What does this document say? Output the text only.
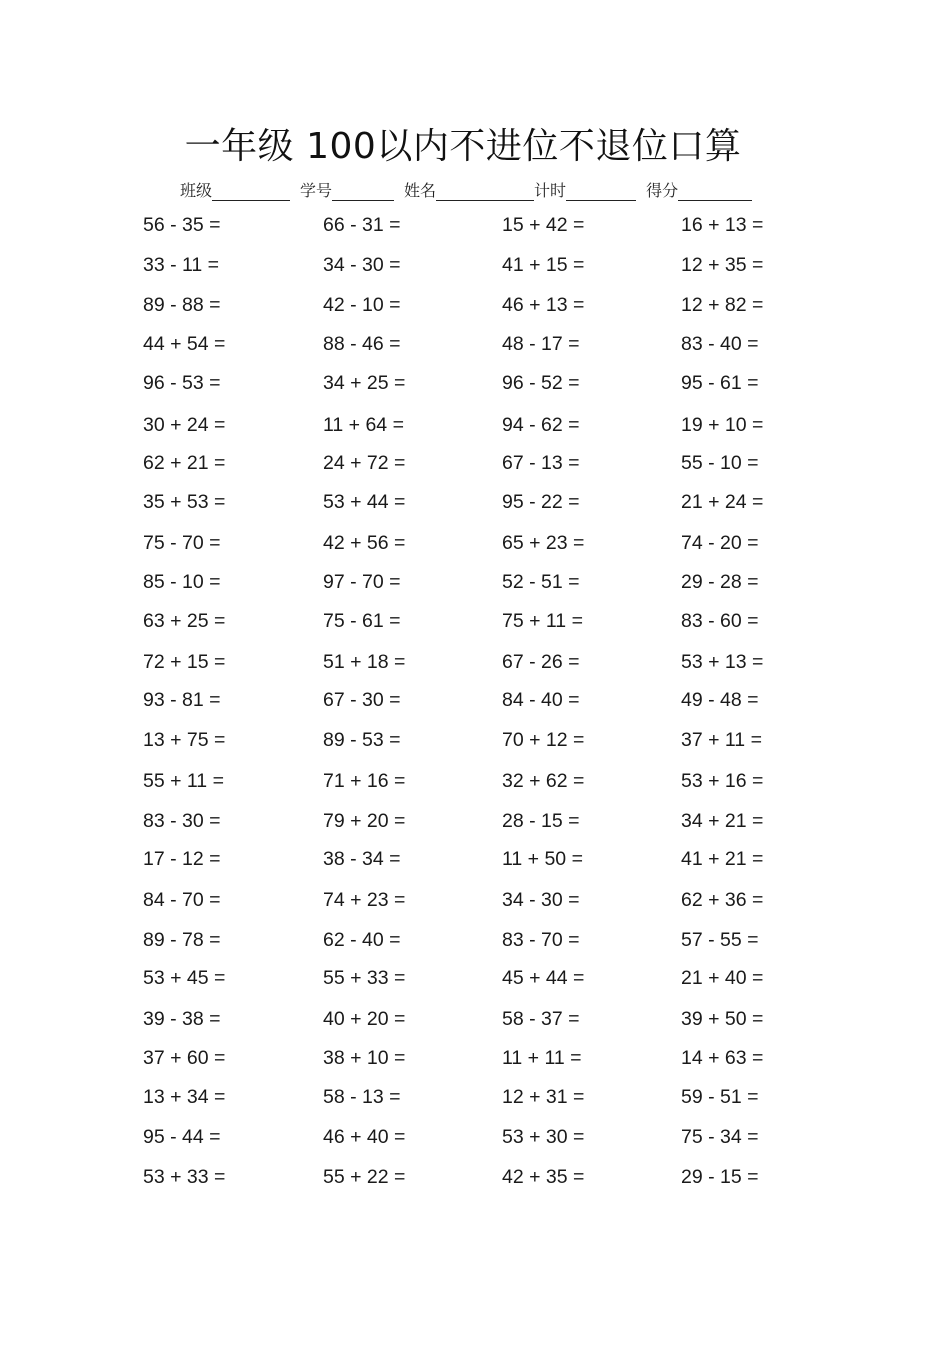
一年级 100以内不进位不退位口算
班级	学号	姓名	计时	得分
56 - 35 =	66 - 31 =	15 + 42 =	16 + 13 =
33 - 11 =	34 - 30 =	41 + 15 =	12 + 35 =
89 - 88 =	42 - 10 =	46 + 13 =	12 + 82 =
44 + 54 =	88 - 46 =	48 - 17 =	83 - 40 =
96 - 53 =	34 + 25 =	96 - 52 =	95 - 61 =
30 + 24 =	11 + 64 =	94 - 62 =	19 + 10 =
62 + 21 =	24 + 72 =	67 - 13 =	55 - 10 =
35 + 53 =	53 + 44 =	95 - 22 =	21 + 24 =
75 - 70 =	42 + 56 =	65 + 23 =	74 - 20 =
85 - 10 =	97 - 70 =	52 - 51 =	29 - 28 =
63 + 25 =	75 - 61 =	75 + 11 =	83 - 60 =
72 + 15 =	51 + 18 =	67 - 26 =	53 + 13 =
93 - 81 =	67 - 30 =	84 - 40 =	49 - 48 =
13 + 75 =	89 - 53 =	70 + 12 =	37 + 11 =
55 + 11 =	71 + 16 =	32 + 62 =	53 + 16 =
83 - 30 =	79 + 20 =	28 - 15 =	34 + 21 =
17 - 12 =	38 - 34 =	11 + 50 =	41 + 21 =
84 - 70 =	74 + 23 =	34 - 30 =	62 + 36 =
89 - 78 =	62 - 40 =	83 - 70 =	57 - 55 =
53 + 45 =	55 + 33 =	45 + 44 =	21 + 40 =
39 - 38 =	40 + 20 =	58 - 37 =	39 + 50 =
37 + 60 =	38 + 10 =	11 + 11 =	14 + 63 =
13 + 34 =	58 - 13 =	12 + 31 =	59 - 51 =
95 - 44 =	46 + 40 =	53 + 30 =	75 - 34 =
53 + 33 =	55 + 22 =	42 + 35 =	29 - 15 =
